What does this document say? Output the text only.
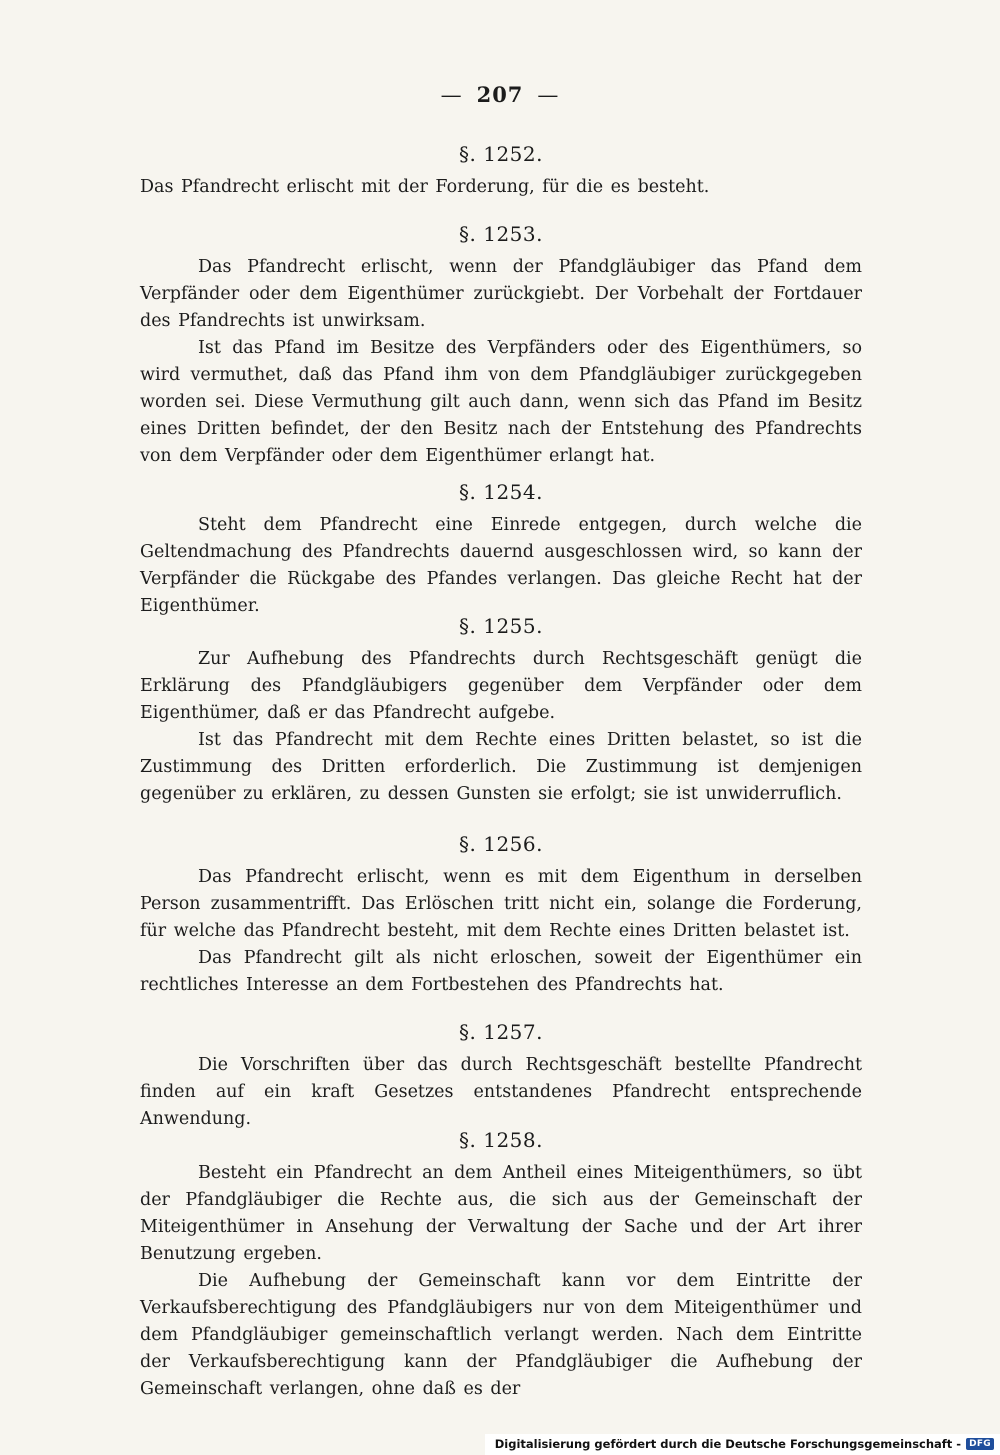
— 207 —
§. 1252.

Das Pfandrecht erlischt mit der Forderung, für die es besteht.

§. 1253.

Das Pfandrecht erlischt, wenn der Pfandgläubiger das Pfand dem Verpfänder oder dem Eigenthümer zurückgiebt. Der Vorbehalt der Fortdauer des Pfandrechts ist unwirksam.

Ist das Pfand im Besitze des Verpfänders oder des Eigenthümers, so wird vermuthet, daß das Pfand ihm von dem Pfandgläubiger zurückgegeben worden sei. Diese Vermuthung gilt auch dann, wenn sich das Pfand im Besitz eines Dritten befindet, der den Besitz nach der Entstehung des Pfandrechts von dem Verpfänder oder dem Eigenthümer erlangt hat.

§. 1254.

Steht dem Pfandrecht eine Einrede entgegen, durch welche die Geltendmachung des Pfandrechts dauernd ausgeschlossen wird, so kann der Verpfänder die Rückgabe des Pfandes verlangen. Das gleiche Recht hat der Eigenthümer.

§. 1255.

Zur Aufhebung des Pfandrechts durch Rechtsgeschäft genügt die Erklärung des Pfandgläubigers gegenüber dem Verpfänder oder dem Eigenthümer, daß er das Pfandrecht aufgebe.

Ist das Pfandrecht mit dem Rechte eines Dritten belastet, so ist die Zustimmung des Dritten erforderlich. Die Zustimmung ist demjenigen gegenüber zu erklären, zu dessen Gunsten sie erfolgt; sie ist unwiderruflich.

§. 1256.

Das Pfandrecht erlischt, wenn es mit dem Eigenthum in derselben Person zusammentrifft. Das Erlöschen tritt nicht ein, solange die Forderung, für welche das Pfandrecht besteht, mit dem Rechte eines Dritten belastet ist.

Das Pfandrecht gilt als nicht erloschen, soweit der Eigenthümer ein rechtliches Interesse an dem Fortbestehen des Pfandrechts hat.

§. 1257.

Die Vorschriften über das durch Rechtsgeschäft bestellte Pfandrecht finden auf ein kraft Gesetzes entstandenes Pfandrecht entsprechende Anwendung.

§. 1258.

Besteht ein Pfandrecht an dem Antheil eines Miteigenthümers, so übt der Pfandgläubiger die Rechte aus, die sich aus der Gemeinschaft der Miteigenthümer in Ansehung der Verwaltung der Sache und der Art ihrer Benutzung ergeben.

Die Aufhebung der Gemeinschaft kann vor dem Eintritte der Verkaufsberechtigung des Pfandgläubigers nur von dem Miteigenthümer und dem Pfandgläubiger gemeinschaftlich verlangt werden. Nach dem Eintritte der Verkaufsberechtigung kann der Pfandgläubiger die Aufhebung der Gemeinschaft verlangen, ohne daß es der

Digitalisierung gefördert durch die Deutsche Forschungsgemeinschaft - DFG
